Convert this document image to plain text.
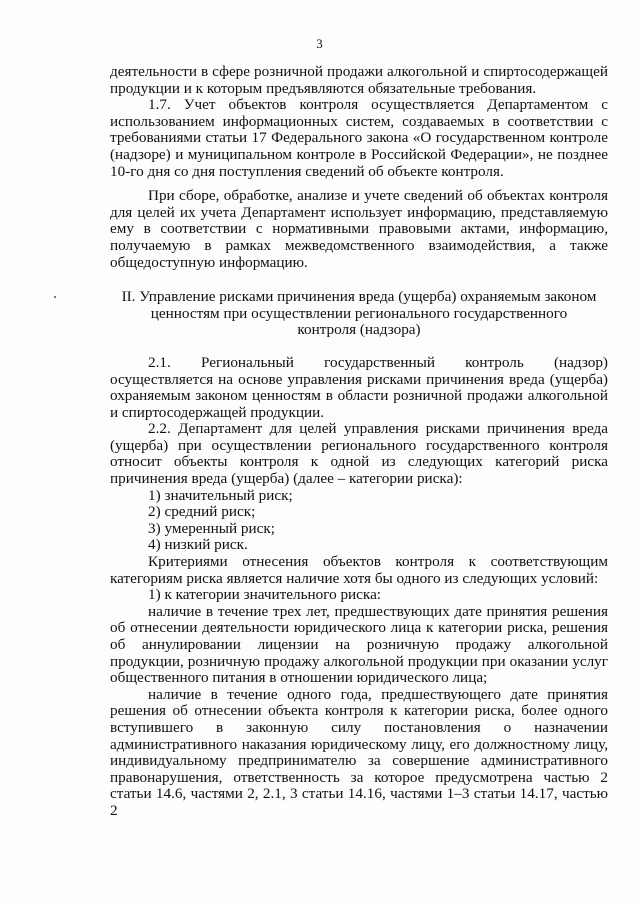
3

деятельности в сфере розничной продажи алкогольной и спиртосодержащей продукции и к которым предъявляются обязательные требования.

1.7. Учет объектов контроля осуществляется Департаментом с использованием информационных систем, создаваемых в соответствии с требованиями статьи 17 Федерального закона «О государственном контроле (надзоре) и муниципальном контроле в Российской Федерации», не позднее 10-го дня со дня поступления сведений об объекте контроля.

При сборе, обработке, анализе и учете сведений об объектах контроля для целей их учета Департамент использует информацию, представляемую ему в соответствии с нормативными правовыми актами, информацию, получаемую в рамках межведомственного взаимодействия, а также общедоступную информацию.

II. Управление рисками причинения вреда (ущерба) охраняемым законом ценностям при осуществлении регионального государственного контроля (надзора)

2.1. Региональный государственный контроль (надзор) осуществляется на основе управления рисками причинения вреда (ущерба) охраняемым законом ценностям в области розничной продажи алкогольной и спиртосодержащей продукции.

2.2. Департамент для целей управления рисками причинения вреда (ущерба) при осуществлении регионального государственного контроля относит объекты контроля к одной из следующих категорий риска причинения вреда (ущерба) (далее – категории риска):

1) значительный риск;

2) средний риск;

3) умеренный риск;

4) низкий риск.

Критериями отнесения объектов контроля к соответствующим категориям риска является наличие хотя бы одного из следующих условий:

1) к категории значительного риска:

наличие в течение трех лет, предшествующих дате принятия решения об отнесении деятельности юридического лица к категории риска, решения об аннулировании лицензии на розничную продажу алкогольной продукции, розничную продажу алкогольной продукции при оказании услуг общественного питания в отношении юридического лица;

наличие в течение одного года, предшествующего дате принятия решения об отнесении объекта контроля к категории риска, более одного вступившего в законную силу постановления о назначении административного наказания юридическому лицу, его должностному лицу, индивидуальному предпринимателю за совершение административного правонарушения, ответственность за которое предусмотрена частью 2 статьи 14.6, частями 2, 2.1, 3 статьи 14.16, частями 1–3 статьи 14.17, частью 2
